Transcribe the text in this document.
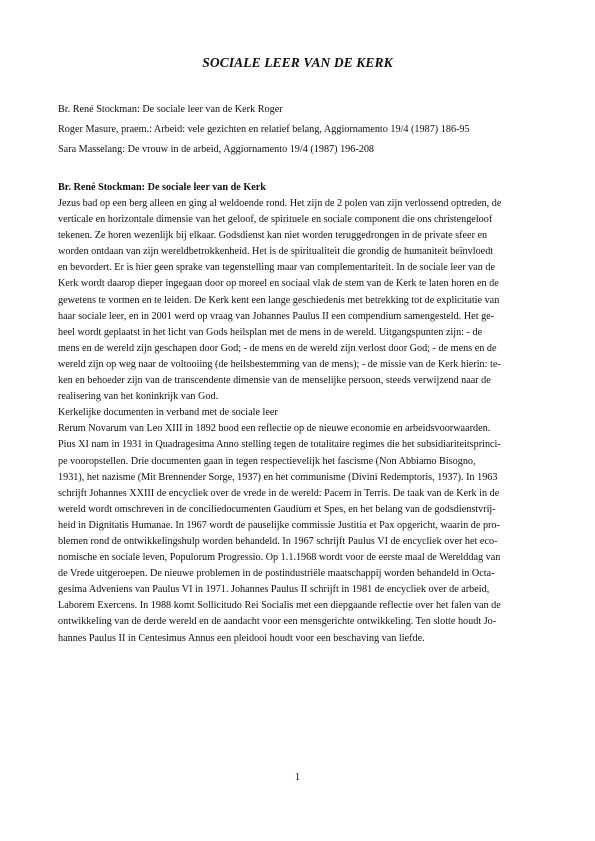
SOCIALE LEER VAN DE KERK
Br. René Stockman: De sociale leer van de Kerk Roger
Roger Masure, praem.: Arbeid: vele gezichten en relatief belang, Aggiornamento 19/4 (1987) 186-95
Sara Masselang: De vrouw in de arbeid, Aggiornamento 19/4 (1987) 196-208
Br. René Stockman: De sociale leer van de Kerk
Jezus bad op een berg alleen en ging al weldoende rond. Het zijn de 2 polen van zijn verlossend optreden, de
verticale en horizontale dimensie van het geloof, de spirituele en sociale component die ons christengeloof
tekenen. Ze horen wezenlijk bij elkaar. Godsdienst kan niet worden teruggedrongen in de private sfeer en
worden ontdaan van zijn wereldbetrokkenheid. Het is de spiritualiteit die grondig de humaniteit beïnvloedt
en bevordert. Er is hier geen sprake van tegenstelling maar van complementariteit. In de sociale leer van de
Kerk wordt daarop dieper ingegaan door op moreel en sociaal vlak de stem van de Kerk te laten horen en de
gewetens te vormen en te leiden. De Kerk kent een lange geschiedenis met betrekking tot de explicitatie van
haar sociale leer, en in 2001 werd op vraag van Johannes Paulus II een compendium samengesteld. Het ge-
heel wordt geplaatst in het licht van Gods heilsplan met de mens in de wereld. Uitgangspunten zijn: - de
mens en de wereld zijn geschapen door God; - de mens en de wereld zijn verlost door God; - de mens en de
wereld zijn op weg naar de voltooiing (de heilsbestemming van de mens); - de missie van de Kerk hierin: te-
ken en behoeder zijn van de transcendente dimensie van de menselijke persoon, steeds verwijzend naar de
realisering van het koninkrijk van God.
Kerkelijke documenten in verband met de sociale leer
Rerum Novarum van Leo XIII in 1892 bood een reflectie op de nieuwe economie en arbeidsvoorwaarden.
Pius XI nam in 1931 in Quadragesima Anno stelling tegen de totalitaire regimes die het subsidiariteitsprinci-
pe vooropstellen. Drie documenten gaan in tegen respectievelijk het fascisme (Non Abbiamo Bisogno,
1931), het nazisme (Mit Brennender Sorge, 1937) en het communisme (Divini Redemptoris, 1937). In 1963
schrijft Johannes XXIII de encycliek over de vrede in de wereld: Pacem in Terris. De taak van de Kerk in de
wereld wordt omschreven in de conciliedocumenten Gaudium et Spes, en het belang van de godsdienstvrij-
heid in Dignitatis Humanae. In 1967 wordt de pauselijke commissie Justitia et Pax opgericht, waarin de pro-
blemen rond de ontwikkelingshulp worden behandeld. In 1967 schrijft Paulus VI de encycliek over het eco-
nomische en sociale leven, Populorum Progressio. Op 1.1.1968 wordt voor de eerste maal de Werelddag van
de Vrede uitgeroepen. De nieuwe problemen in de postindustriële maatschappij worden behandeld in Octa-
gesima Adveniens van Paulus VI in 1971. Johannes Paulus II schrijft in 1981 de encycliek over de arbeid,
Laborem Exercens. In 1988 komt Sollicitudo Rei Socialis met een diepgaande reflectie over het falen van de
ontwikkeling van de derde wereld en de aandacht voor een mensgerichte ontwikkeling. Ten slotte houdt Jo-
hannes Paulus II in Centesimus Annus een pleidooi houdt voor een beschaving van liefde.
1
